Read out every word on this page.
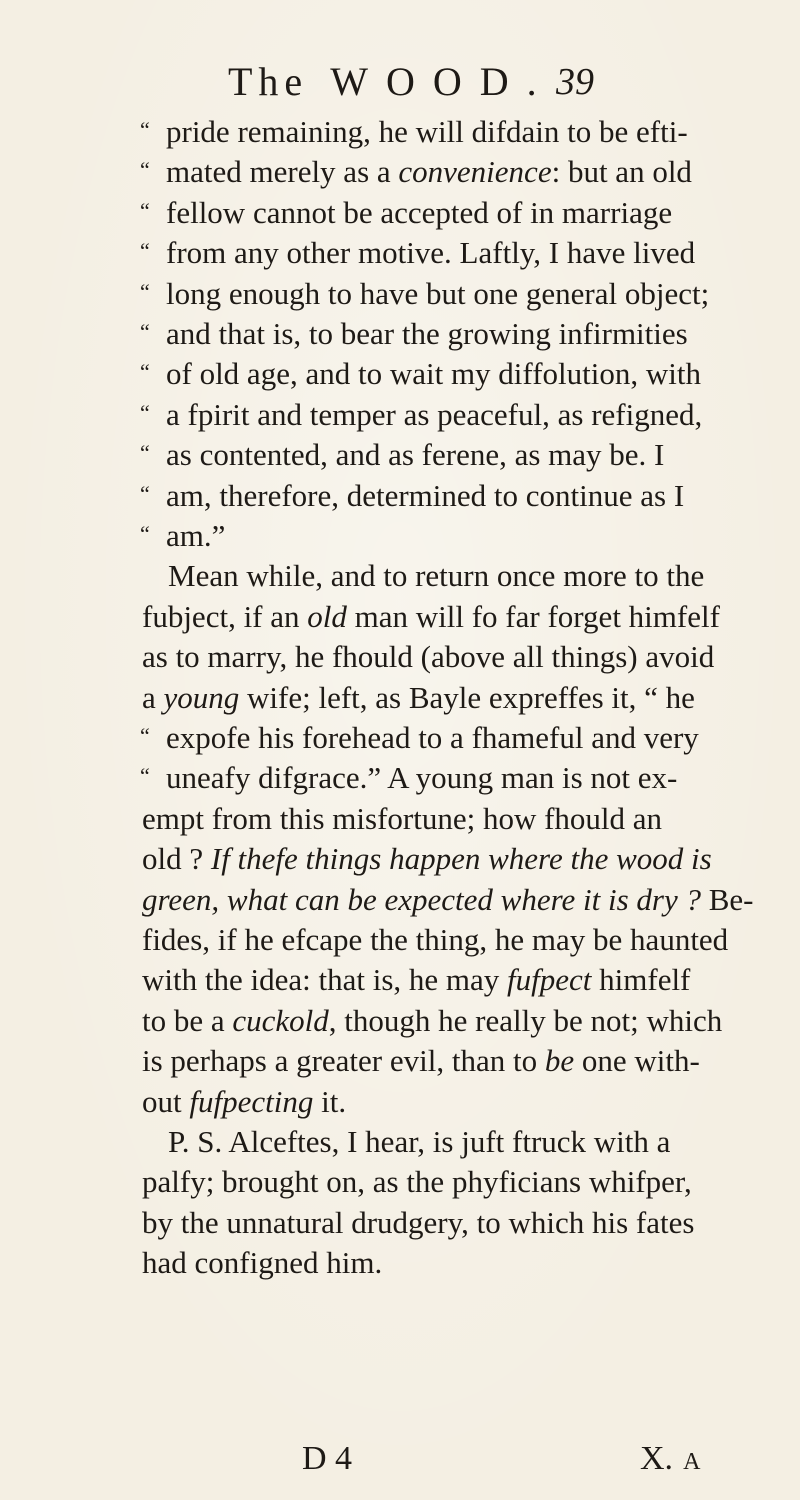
The WOOD. 39
“ pride remaining, he will difdain to be efti-
“ mated merely as a convenience: but an old
“ fellow cannot be accepted of in marriage
“ from any other motive. Laftly, I have lived
“ long enough to have but one general object;
“ and that is, to bear the growing infirmities
“ of old age, and to wait my diffolution, with
“ a fpirit and temper as peaceful, as refigned,
“ as contented, and as ferene, as may be. I
“ am, therefore, determined to continue as I
“ am.”
Mean while, and to return once more to the
fubject, if an old man will fo far forget himfelf
as to marry, he fhould (above all things) avoid
a young wife; left, as Bayle expreffes it, “ he
“ expofe his forehead to a fhameful and very
“ uneafy difgrace.” A young man is not ex-
empt from this misfortune; how fhould an
old ? If thefe things happen where the wood is
green, what can be expected where it is dry ? Be-
fides, if he efcape the thing, he may be haunted
with the idea: that is, he may fufpect himfelf
to be a cuckold, though he really be not; which
is perhaps a greater evil, than to be one with-
out fufpecting it.
P. S. Alceftes, I hear, is juft ftruck with a
palfy; brought on, as the phyficians whifper,
by the unnatural drudgery, to which his fates
had configned him.
D 4	X. A
